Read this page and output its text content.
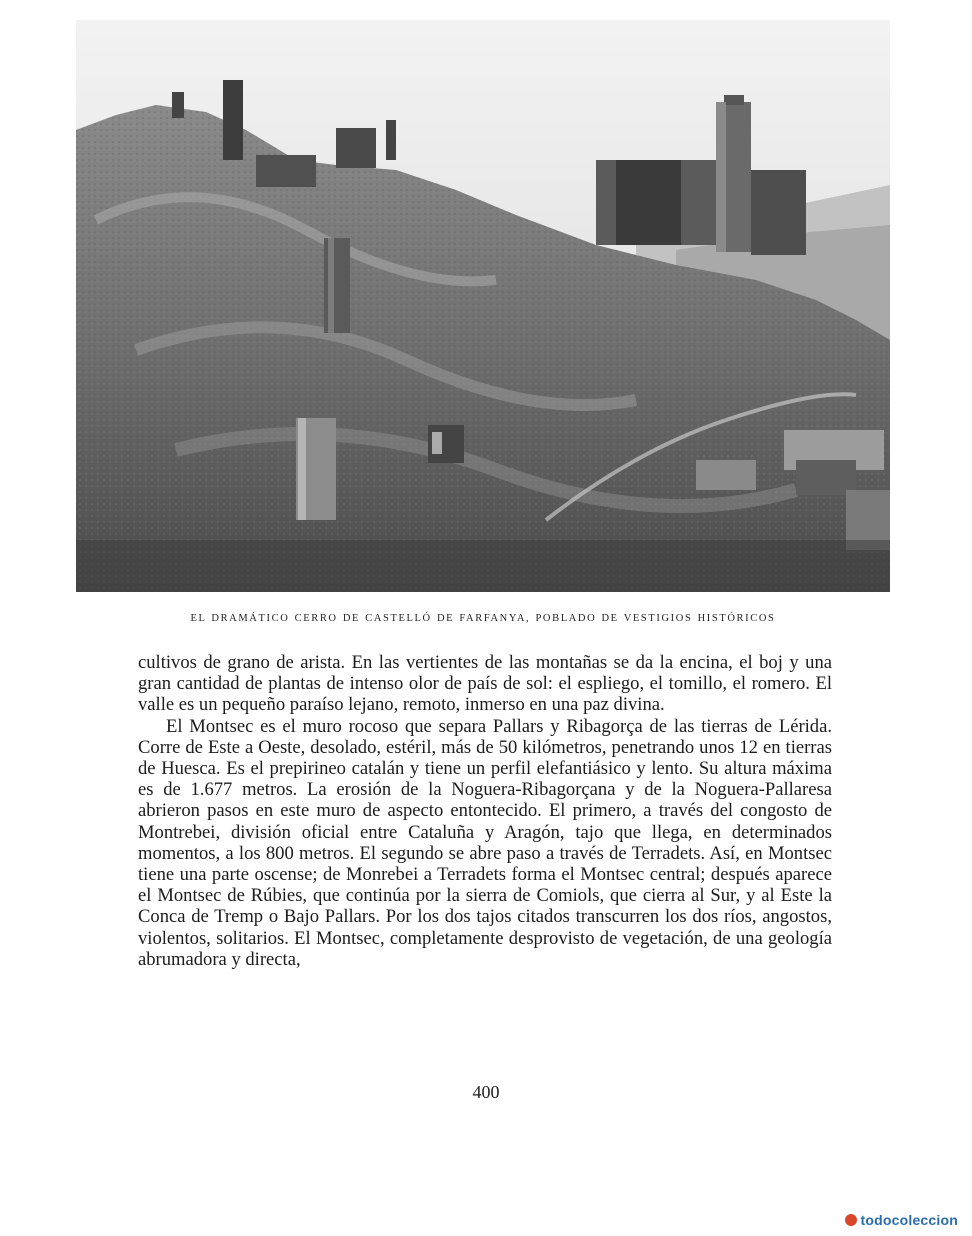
EL DRAMÁTICO CERRO DE CASTELLÓ DE FARFANYA, POBLADO DE VESTIGIOS HISTÓRICOS

cultivos de grano de arista. En las vertientes de las montañas se da la encina, el boj y una gran cantidad de plantas de intenso olor de país de sol: el espliego, el tomillo, el romero. El valle es un pequeño paraíso lejano, remoto, inmerso en una paz divina.

El Montsec es el muro rocoso que separa Pallars y Ribagorça de las tierras de Lérida. Corre de Este a Oeste, desolado, estéril, más de 50 kilómetros, penetrando unos 12 en tierras de Huesca. Es el prepirineo catalán y tiene un perfil elefantiásico y lento. Su altura máxima es de 1.677 metros. La erosión de la Noguera-Ribagorçana y de la Noguera-Pallaresa abrieron pasos en este muro de aspecto entontecido. El primero, a través del congosto de Montrebei, división oficial entre Cataluña y Aragón, tajo que llega, en determinados momentos, a los 800 metros. El segundo se abre paso a través de Terradets. Así, en Montsec tiene una parte oscense; de Monrebei a Terradets forma el Montsec central; después aparece el Montsec de Rúbies, que continúa por la sierra de Comiols, que cierra al Sur, y al Este la Conca de Tremp o Bajo Pallars. Por los dos tajos citados transcurren los dos ríos, angostos, violentos, solitarios. El Montsec, completamente desprovisto de vegetación, de una geología abrumadora y directa,

400
todocoleccion
